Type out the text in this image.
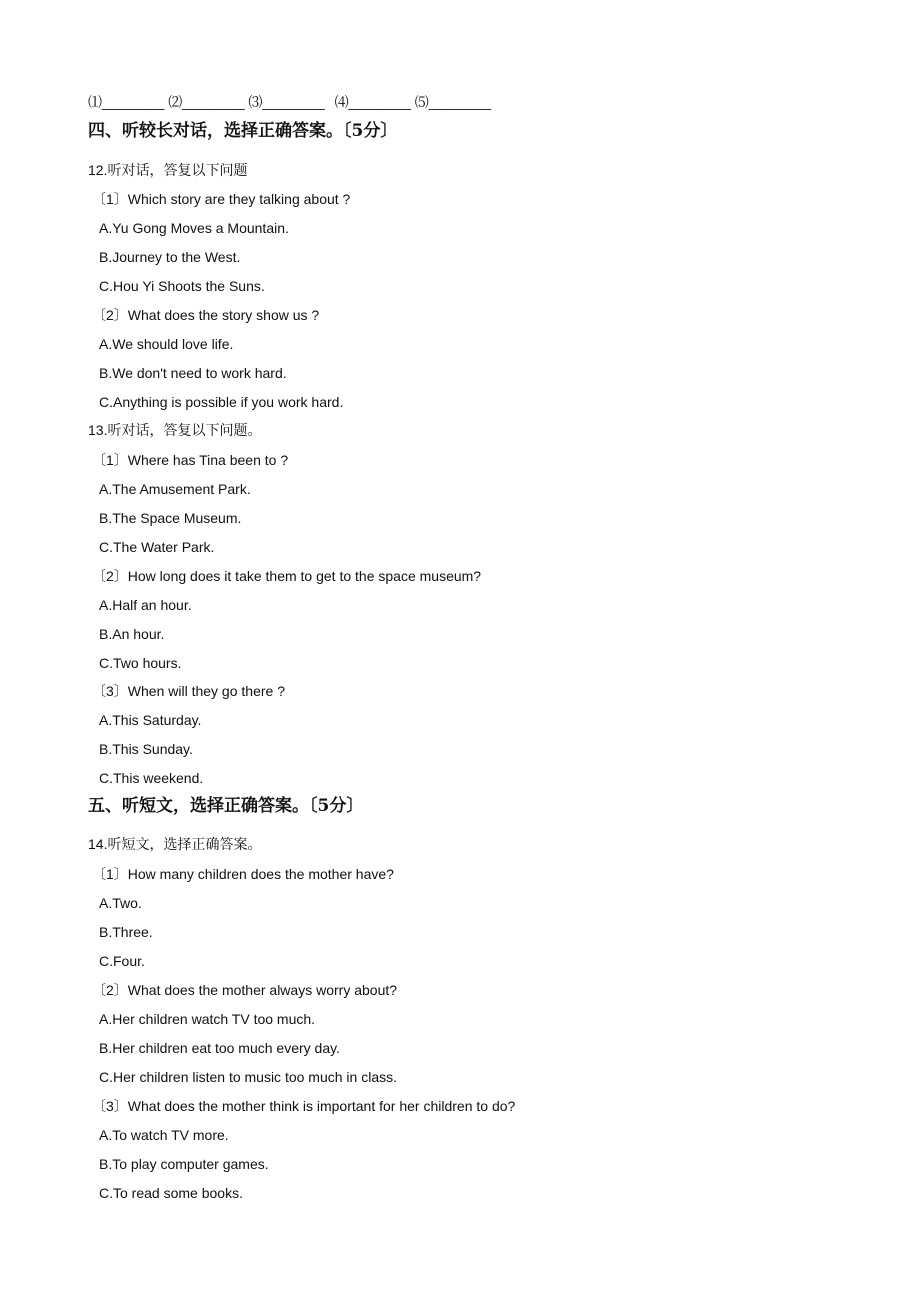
⑴________ ⑵________ ⑶________ ⑷________ ⑸________
四、听较长对话，选择正确答案。〔5分〕
12.听对话，答复以下问题
〔1〕Which story are they talking about ?
A.Yu Gong Moves a Mountain.
B.Journey to the West.
C.Hou Yi Shoots the Suns.
〔2〕What does the story show us ?
A.We should love life.
B.We don't need to work hard.
C.Anything is possible if you work hard.
13.听对话，答复以下问题。
〔1〕Where has Tina been to ?
A.The Amusement Park.
B.The Space Museum.
C.The Water Park.
〔2〕How long does it take them to get to the space museum?
A.Half an hour.
B.An hour.
C.Two hours.
〔3〕When will they go there ?
A.This Saturday.
B.This Sunday.
C.This weekend.
五、听短文，选择正确答案。〔5分〕
14.听短文，选择正确答案。
〔1〕How many children does the mother have?
A.Two.
B.Three.
C.Four.
〔2〕What does the mother always worry about?
A.Her children watch TV too much.
B.Her children eat too much every day.
C.Her children listen to music too much in class.
〔3〕What does the mother think is important for her children to do?
A.To watch TV more.
B.To play computer games.
C.To read some books.
